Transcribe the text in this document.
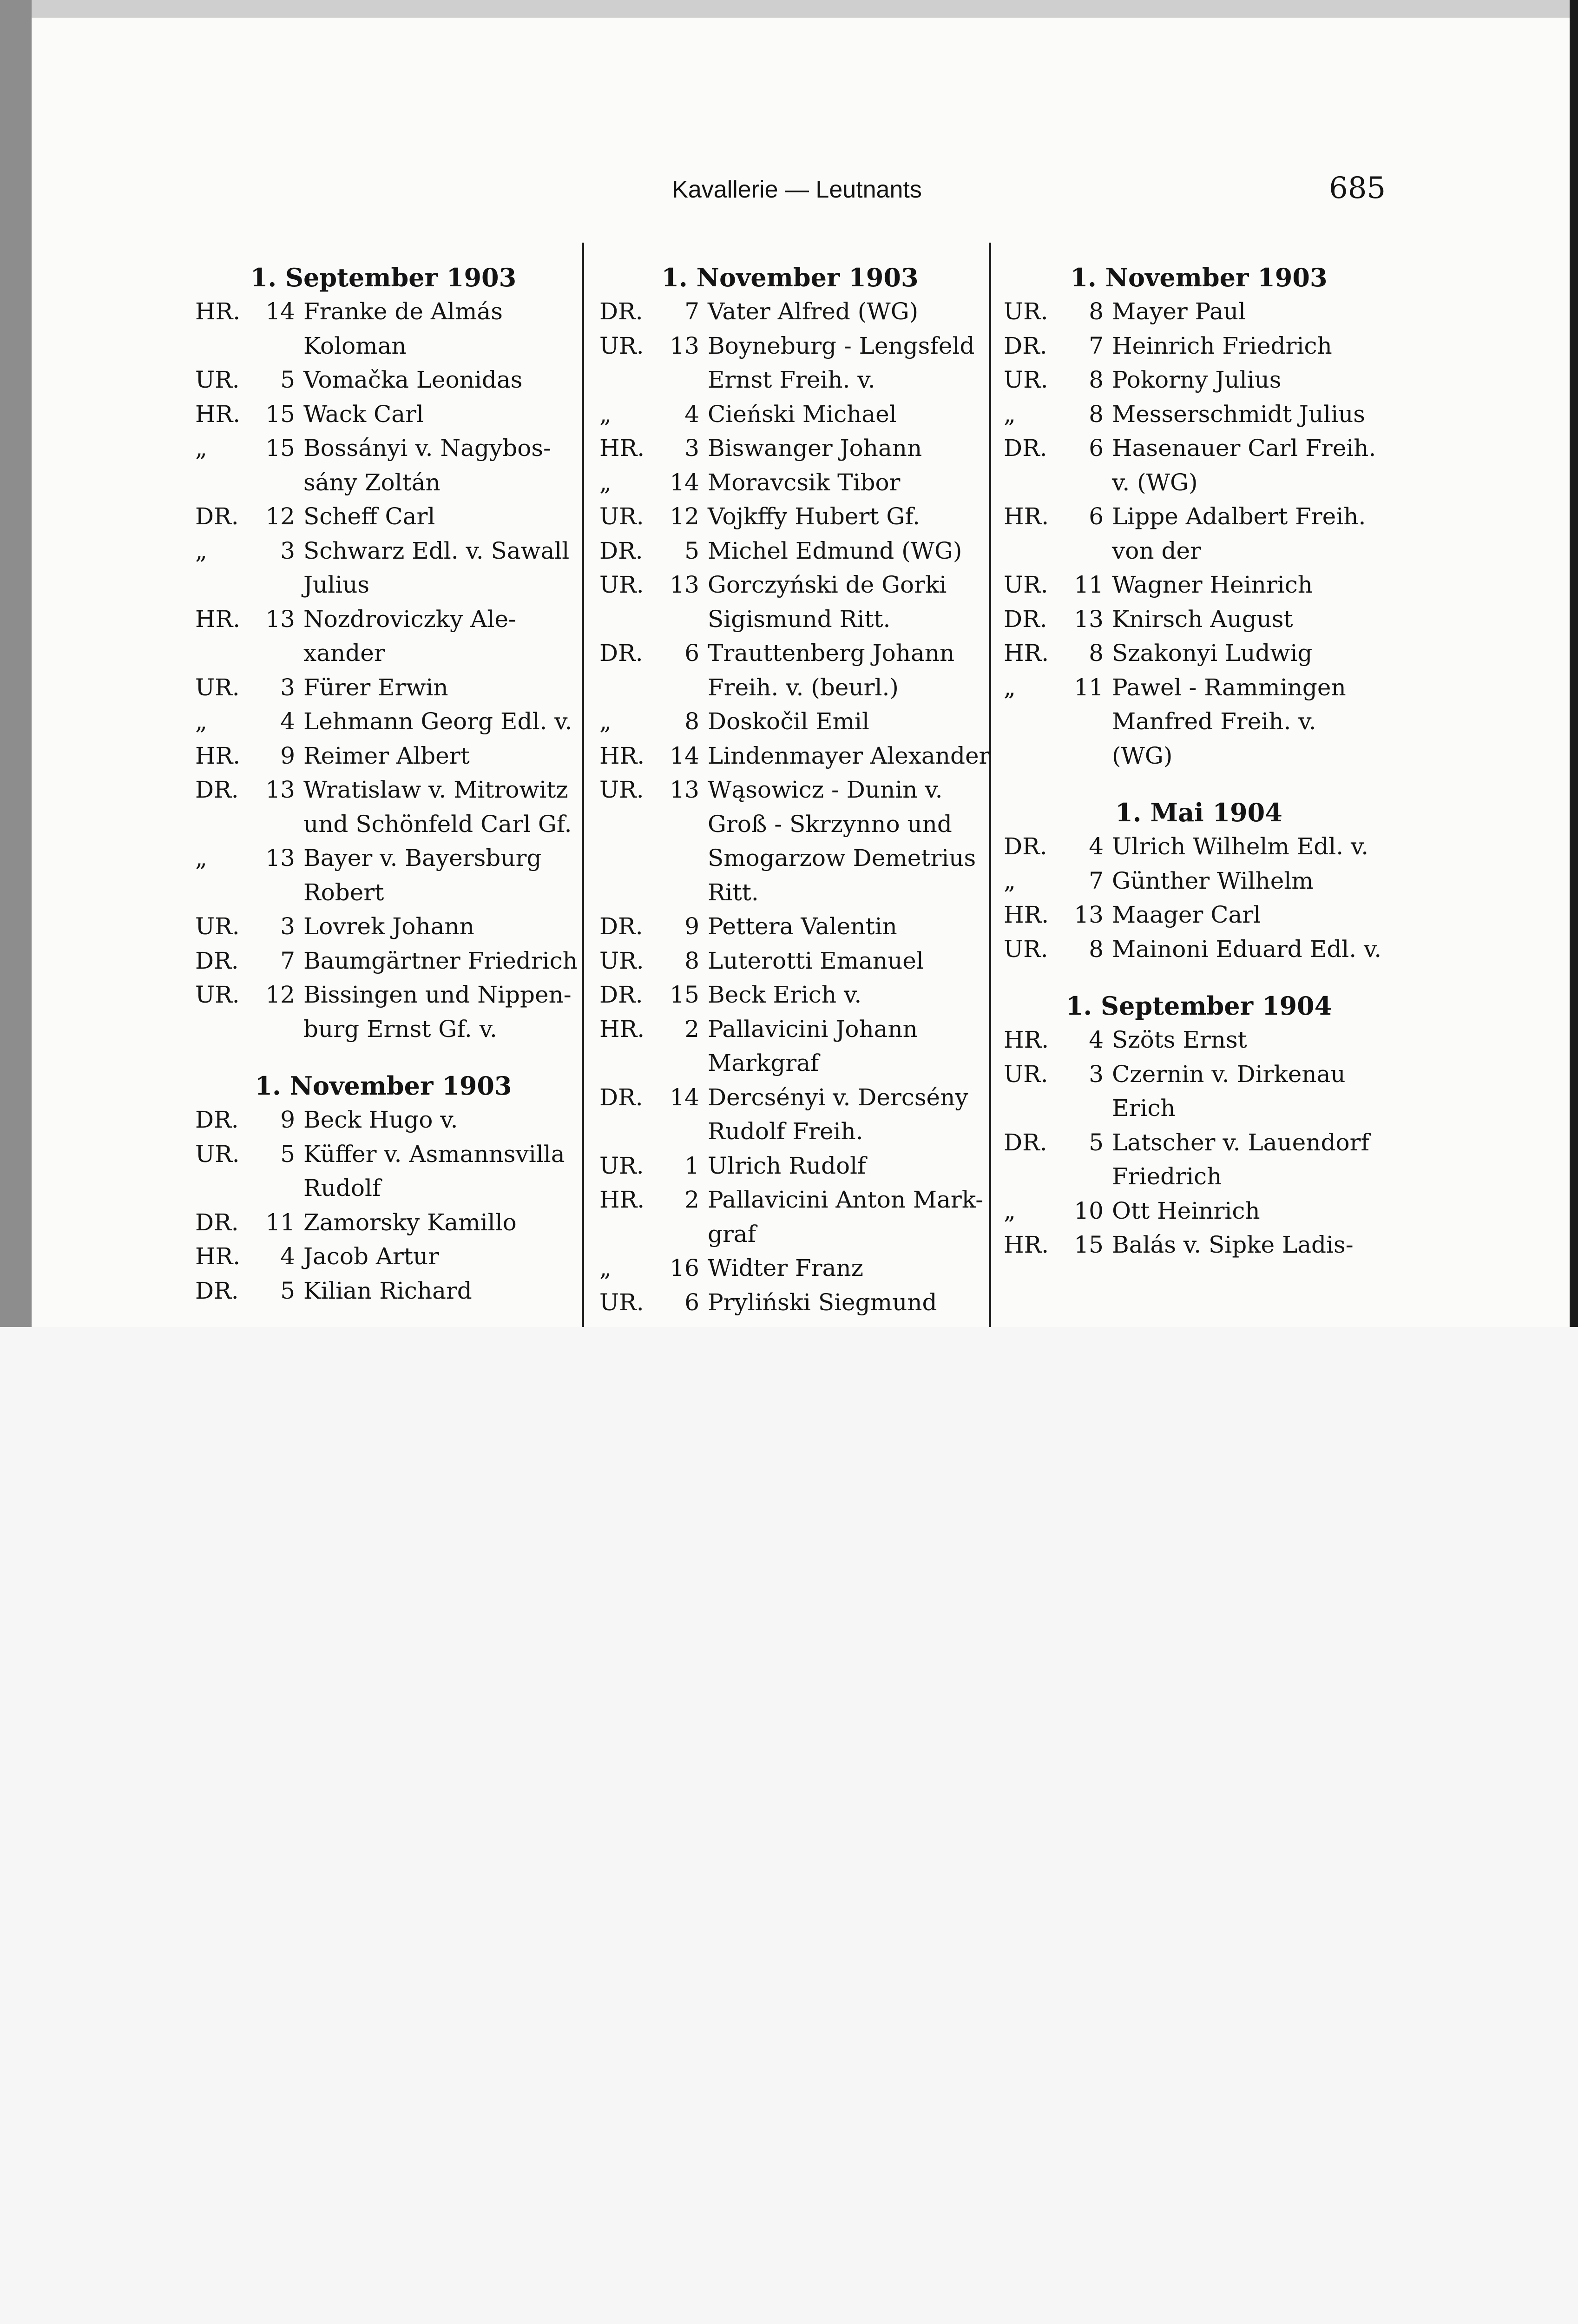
Kavallerie — Leutnants	685
1. September 1903
HR.	14 Franke de Almás
Koloman
UR.	5 Vomačka Leonidas
HR.	15 Wack Carl
„	15 Bossányi v. Nagybos-
sány Zoltán
DR.	12 Scheff Carl
„	3 Schwarz Edl. v. Sawall
Julius
HR.	13 Nozdroviczky Ale-
xander
UR.	3 Fürer Erwin
„	4 Lehmann Georg Edl. v.
HR.	9 Reimer Albert
DR.	13 Wratislaw v. Mitrowitz
und Schönfeld Carl Gf.
„	13 Bayer v. Bayersburg
Robert
UR.	3 Lovrek Johann
DR.	7 Baumgärtner Friedrich
UR.	12 Bissingen und Nippen-
burg Ernst Gf. v.
1. November 1903
DR.	9 Beck Hugo v.
UR.	5 Küffer v. Asmannsvilla
Rudolf
DR.	11 Zamorsky Kamillo
HR.	4 Jacob Artur
DR.	5 Kilian Richard
1. November 1903
DR.	7 Vater Alfred (WG)
UR.	13 Boyneburg - Lengsfeld
Ernst Freih. v.
„	4 Cieński Michael
HR.	3 Biswanger Johann
„	14 Moravcsik Tibor
UR.	12 Vojkffy Hubert Gf.
DR.	5 Michel Edmund (WG)
UR.	13 Gorczyński de Gorki
Sigismund Ritt.
DR.	6 Trauttenberg Johann
Freih. v. (beurl.)
„	8 Doskočil Emil
HR.	14 Lindenmayer Alexander
UR.	13 Wąsowicz - Dunin v.
Groß - Skrzynno und
Smogarzow Demetrius
Ritt.
DR.	9 Pettera Valentin
UR.	8 Luterotti Emanuel
DR.	15 Beck Erich v.
HR.	2 Pallavicini Johann
Markgraf
DR.	14 Dercsényi v. Dercsény
Rudolf Freih.
UR.	1 Ulrich Rudolf
HR.	2 Pallavicini Anton Mark-
graf
„	16 Widter Franz
UR.	6 Pryliński Siegmund
1. November 1903
UR.	8 Mayer Paul
DR.	7 Heinrich Friedrich
UR.	8 Pokorny Julius
„	8 Messerschmidt Julius
DR.	6 Hasenauer Carl Freih.
v. (WG)
HR.	6 Lippe Adalbert Freih.
von der
UR.	11 Wagner Heinrich
DR.	13 Knirsch August
HR.	8 Szakonyi Ludwig
„	11 Pawel - Rammingen
Manfred Freih. v.
(WG)
1. Mai 1904
DR.	4 Ulrich Wilhelm Edl. v.
„	7 Günther Wilhelm
HR.	13 Maager Carl
UR.	8 Mainoni Eduard Edl. v.
1. September 1904
HR.	4 Szöts Ernst
UR.	3 Czernin v. Dirkenau
Erich
DR.	5 Latscher v. Lauendorf
Friedrich
„	10 Ott Heinrich
HR.	15 Balás v. Sipke Ladis-
